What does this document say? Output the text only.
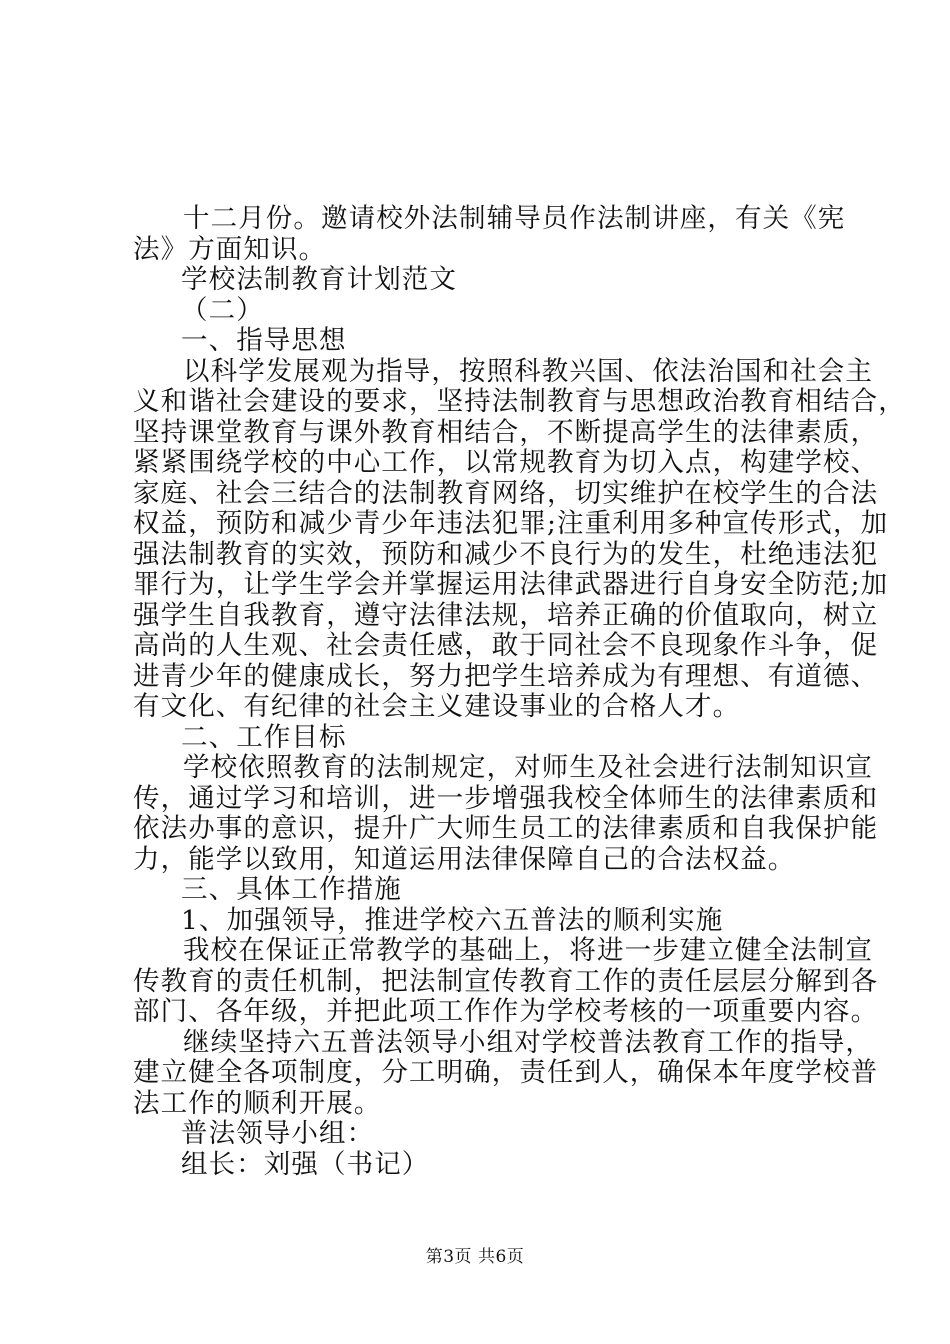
十二月份。邀请校外法制辅导员作法制讲座，有关《宪
法》方面知识。
学校法制教育计划范文
（二）
一、指导思想
以科学发展观为指导，按照科教兴国、依法治国和社会主
义和谐社会建设的要求，坚持法制教育与思想政治教育相结合，
坚持课堂教育与课外教育相结合，不断提高学生的法律素质，
紧紧围绕学校的中心工作，以常规教育为切入点，构建学校、
家庭、社会三结合的法制教育网络，切实维护在校学生的合法
权益，预防和减少青少年违法犯罪;注重利用多种宣传形式，加
强法制教育的实效，预防和减少不良行为的发生，杜绝违法犯
罪行为，让学生学会并掌握运用法律武器进行自身安全防范;加
强学生自我教育，遵守法律法规，培养正确的价值取向，树立
高尚的人生观、社会责任感，敢于同社会不良现象作斗争，促
进青少年的健康成长，努力把学生培养成为有理想、有道德、
有文化、有纪律的社会主义建设事业的合格人才。
二、工作目标
学校依照教育的法制规定，对师生及社会进行法制知识宣
传，通过学习和培训，进一步增强我校全体师生的法律素质和
依法办事的意识，提升广大师生员工的法律素质和自我保护能
力，能学以致用，知道运用法律保障自己的合法权益。
三、具体工作措施
1、加强领导，推进学校六五普法的顺利实施
我校在保证正常教学的基础上，将进一步建立健全法制宣
传教育的责任机制，把法制宣传教育工作的责任层层分解到各
部门、各年级，并把此项工作作为学校考核的一项重要内容。
继续坚持六五普法领导小组对学校普法教育工作的指导，
建立健全各项制度，分工明确，责任到人，确保本年度学校普
法工作的顺利开展。
普法领导小组：
组长：刘强（书记）
第3页 共6页
